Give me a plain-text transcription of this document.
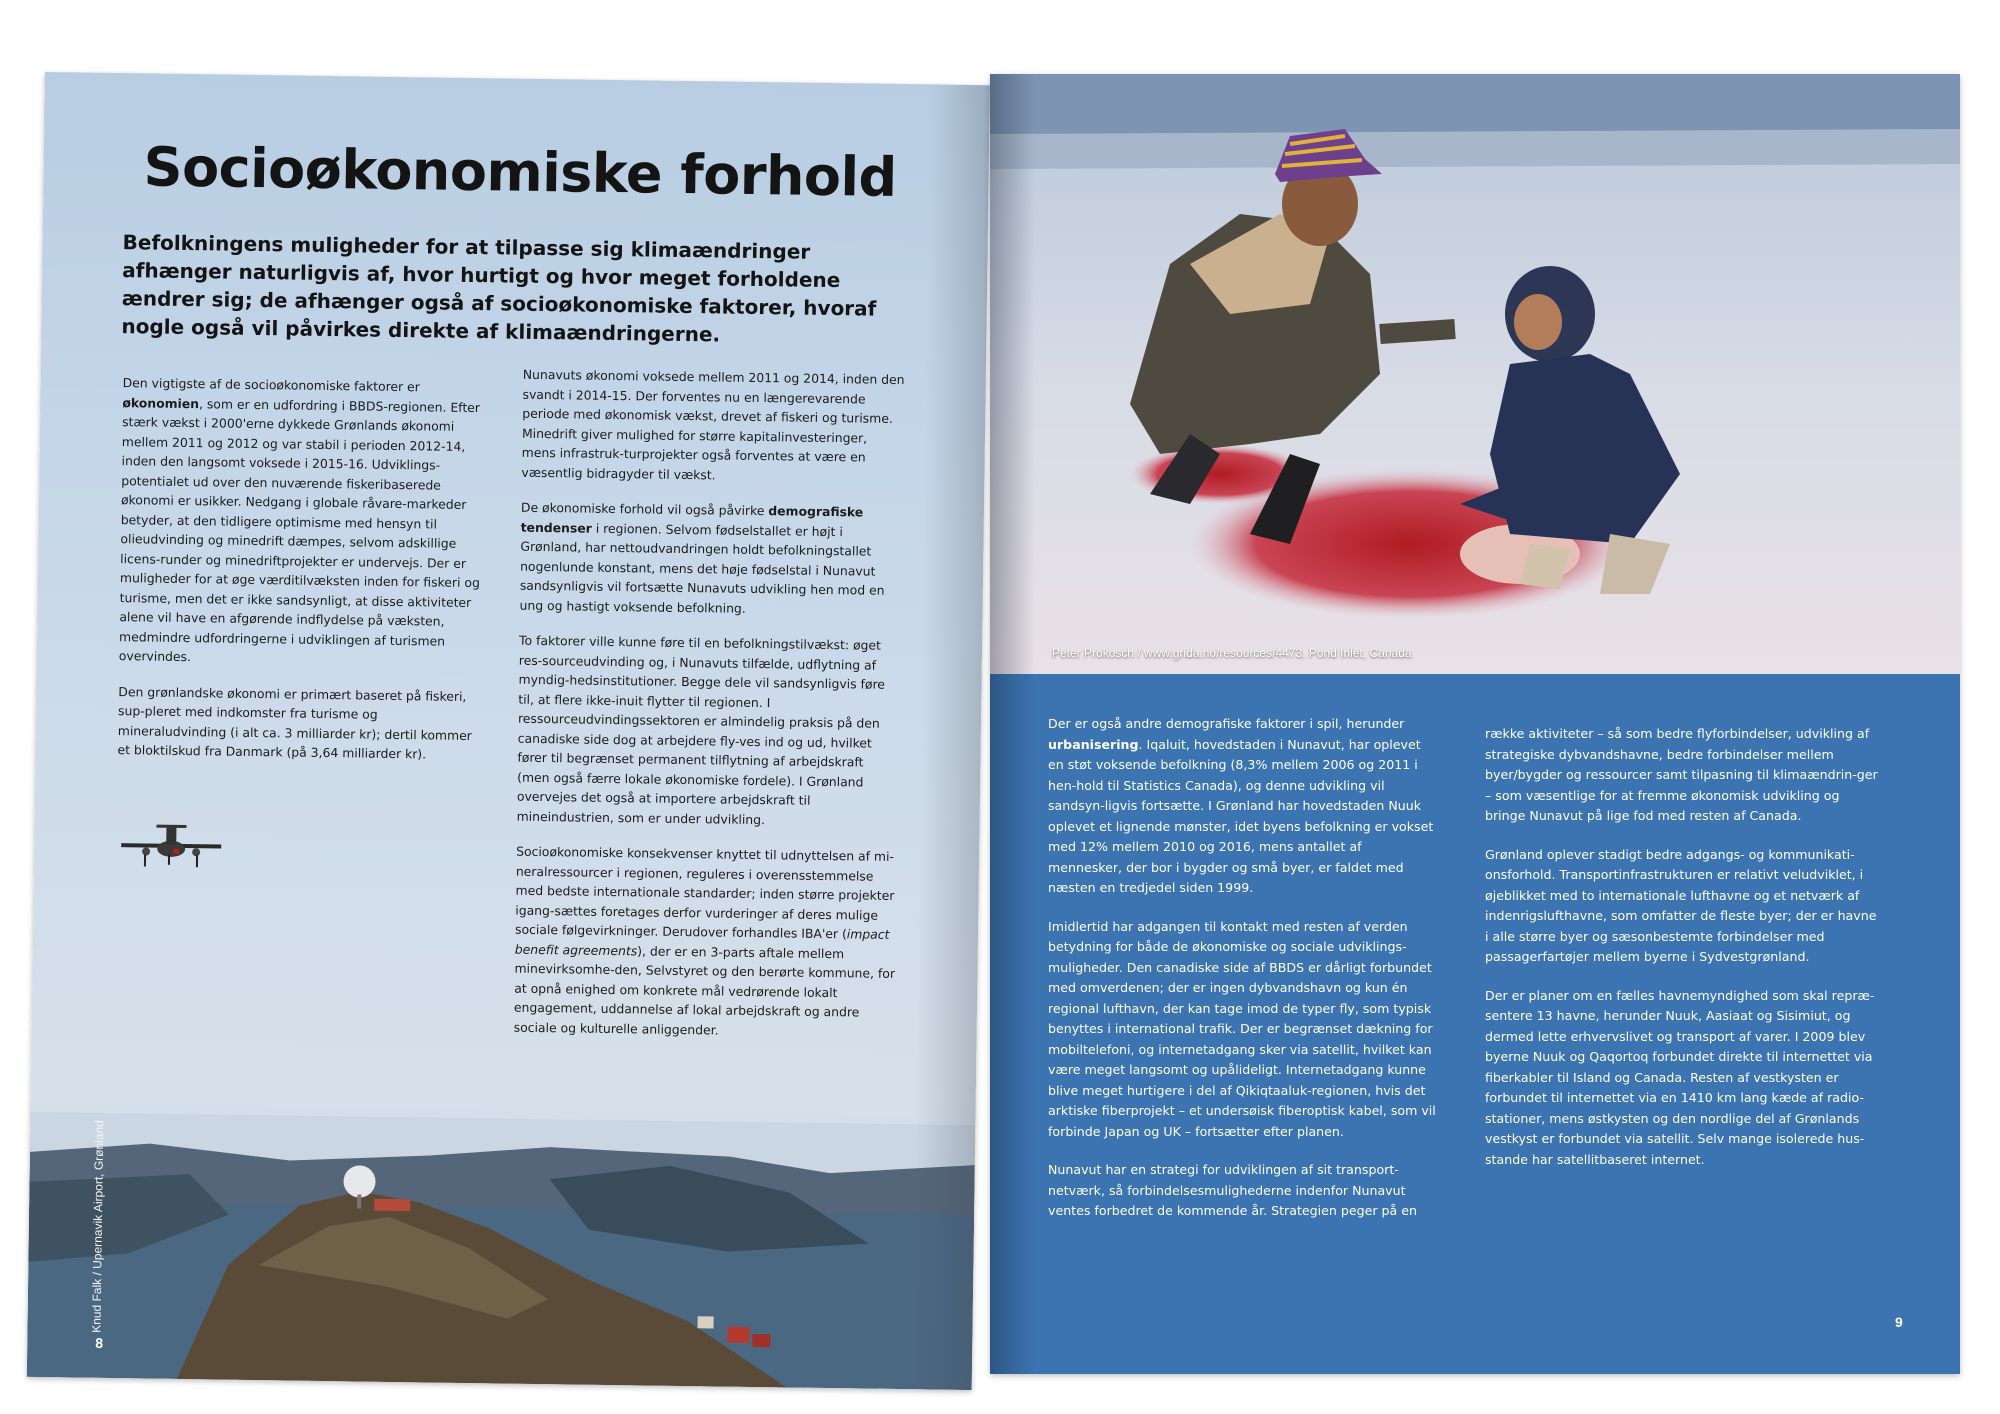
Socioøkonomiske forhold

Befolkningens muligheder for at tilpasse sig klimaændringer afhænger naturligvis af, hvor hurtigt og hvor meget forholdene ændrer sig; de afhænger også af socioøkonomiske faktorer, hvoraf nogle også vil påvirkes direkte af klimaændringerne.

Den vigtigste af de socioøkonomiske faktorer er økonomien, som er en udfordring i BBDS-regionen. Efter stærk vækst i 2000'erne dykkede Grønlands økonomi mellem 2011 og 2012 og var stabil i perioden 2012-14, inden den langsomt voksede i 2015-16. Udviklings-potentialet ud over den nuværende fiskeribaserede økonomi er usikker. Nedgang i globale råvare-markeder betyder, at den tidligere optimisme med hensyn til olieudvinding og minedrift dæmpes, selvom adskillige licens-runder og minedriftprojekter er undervejs. Der er muligheder for at øge værditilvæksten inden for fiskeri og turisme, men det er ikke sandsynligt, at disse aktiviteter alene vil have en afgørende indflydelse på væksten, medmindre udfordringerne i udviklingen af turismen overvindes.

Den grønlandske økonomi er primært baseret på fiskeri, sup-pleret med indkomster fra turisme og mineraludvinding (i alt ca. 3 milliarder kr); dertil kommer et bloktilskud fra Danmark (på 3,64 milliarder kr).

Nunavuts økonomi voksede mellem 2011 og 2014, inden den svandt i 2014-15. Der forventes nu en længerevarende periode med økonomisk vækst, drevet af fiskeri og turisme. Minedrift giver mulighed for større kapitalinvesteringer, mens infrastruk-turprojekter også forventes at være en væsentlig bidragyder til vækst.

De økonomiske forhold vil også påvirke demografiske tendenser i regionen. Selvom fødselstallet er højt i Grønland, har nettoudvandringen holdt befolkningstallet nogenlunde konstant, mens det høje fødselstal i Nunavut sandsynligvis vil fortsætte Nunavuts udvikling hen mod en ung og hastigt voksende befolkning.

To faktorer ville kunne føre til en befolkningstilvækst: øget res-sourceudvinding og, i Nunavuts tilfælde, udflytning af myndig-hedsinstitutioner. Begge dele vil sandsynligvis føre til, at flere ikke-inuit flytter til regionen. I ressourceudvindingssektoren er almindelig praksis på den canadiske side dog at arbejdere fly-ves ind og ud, hvilket fører til begrænset permanent tilflytning af arbejdskraft (men også færre lokale økonomiske fordele). I Grønland overvejes det også at importere arbejdskraft til mineindustrien, som er under udvikling.

Socioøkonomiske konsekvenser knyttet til udnyttelsen af mi-neralressourcer i regionen, reguleres i overensstemmelse med bedste internationale standarder; inden større projekter igang-sættes foretages derfor vurderinger af deres mulige sociale følgevirkninger. Derudover forhandles IBA'er (impact benefit agreements), der er en 3-parts aftale mellem minevirksomhe-den, Selvstyret og den berørte kommune, for at opnå enighed om konkrete mål vedrørende lokalt engagement, uddannelse af lokal arbejdskraft og andre sociale og kulturelle anliggender.

Knud Falk / Upernavik Airport, Grønland
8
Peter Prokosch / www.grida.no/resources/4473. Pond Inlet, Canada

Der er også andre demografiske faktorer i spil, herunder urbanisering. Iqaluit, hovedstaden i Nunavut, har oplevet en støt voksende befolkning (8,3% mellem 2006 og 2011 i hen-hold til Statistics Canada), og denne udvikling vil sandsyn-ligvis fortsætte. I Grønland har hovedstaden Nuuk oplevet et lignende mønster, idet byens befolkning er vokset med 12% mellem 2010 og 2016, mens antallet af mennesker, der bor i bygder og små byer, er faldet med næsten en tredjedel siden 1999.

Imidlertid har adgangen til kontakt med resten af verden betydning for både de økonomiske og sociale udviklings-muligheder. Den canadiske side af BBDS er dårligt forbundet med omverdenen; der er ingen dybvandshavn og kun én regional lufthavn, der kan tage imod de typer fly, som typisk benyttes i international trafik. Der er begrænset dækning for mobiltelefoni, og internetadgang sker via satellit, hvilket kan være meget langsomt og upålideligt. Internetadgang kunne blive meget hurtigere i del af Qikiqtaaluk-regionen, hvis det arktiske fiberprojekt – et undersøisk fiberoptisk kabel, som vil forbinde Japan og UK – fortsætter efter planen.

Nunavut har en strategi for udviklingen af sit transport-netværk, så forbindelsesmulighederne indenfor Nunavut ventes forbedret de kommende år. Strategien peger på en

række aktiviteter – så som bedre flyforbindelser, udvikling af strategiske dybvandshavne, bedre forbindelser mellem byer/bygder og ressourcer samt tilpasning til klimaændrin-ger – som væsentlige for at fremme økonomisk udvikling og bringe Nunavut på lige fod med resten af Canada.

Grønland oplever stadigt bedre adgangs- og kommunikati-onsforhold. Transportinfrastrukturen er relativt veludviklet, i øjeblikket med to internationale lufthavne og et netværk af indenrigslufthavne, som omfatter de fleste byer; der er havne i alle større byer og sæsonbestemte forbindelser med passagerfartøjer mellem byerne i Sydvestgrønland.

Der er planer om en fælles havnemyndighed som skal repræ-sentere 13 havne, herunder Nuuk, Aasiaat og Sisimiut, og dermed lette erhvervslivet og transport af varer. I 2009 blev byerne Nuuk og Qaqortoq forbundet direkte til internettet via fiberkabler til Island og Canada. Resten af vestkysten er forbundet til internettet via en 1410 km lang kæde af radio-stationer, mens østkysten og den nordlige del af Grønlands vestkyst er forbundet via satellit. Selv mange isolerede hus-stande har satellitbaseret internet.

9
